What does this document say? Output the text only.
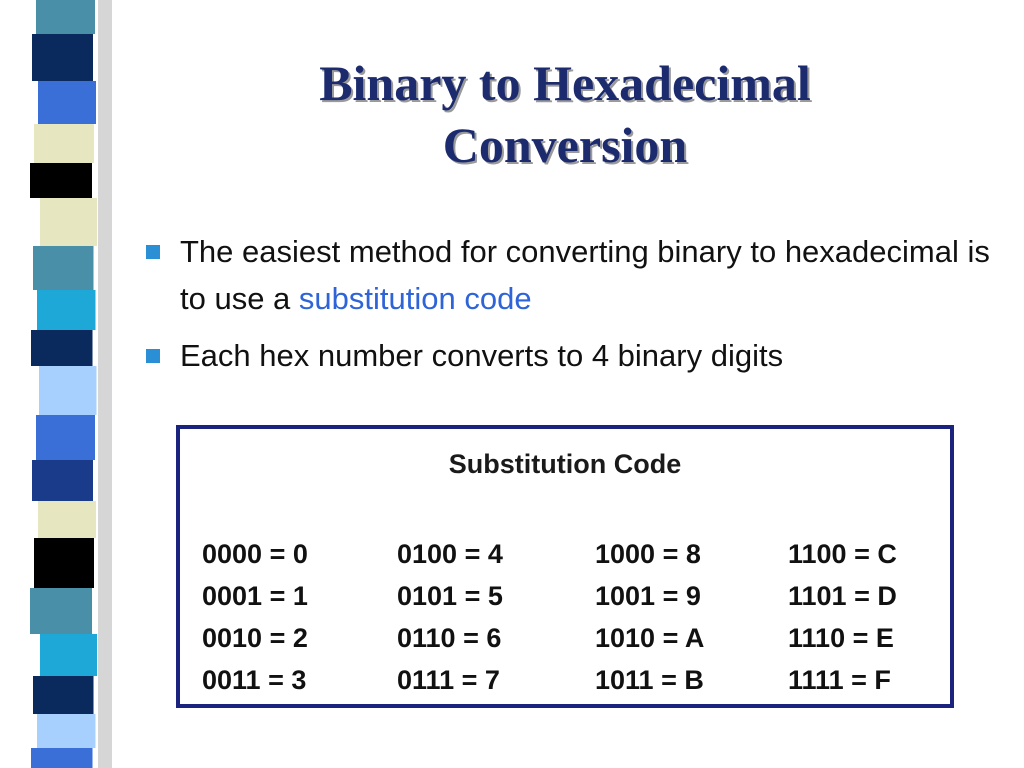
Binary to Hexadecimal
Conversion
The easiest method for converting binary to hexadecimal is to use a substitution code
Each hex number converts to 4 binary digits
Substitution Code
0000 = 0	0100 = 4	1000 = 8	1100 = C
0001 = 1	0101 = 5	1001 = 9	1101 = D
0010 = 2	0110 = 6	1010 = A	1110 = E
0011 = 3	0111 = 7	1011 = B	1111 = F
